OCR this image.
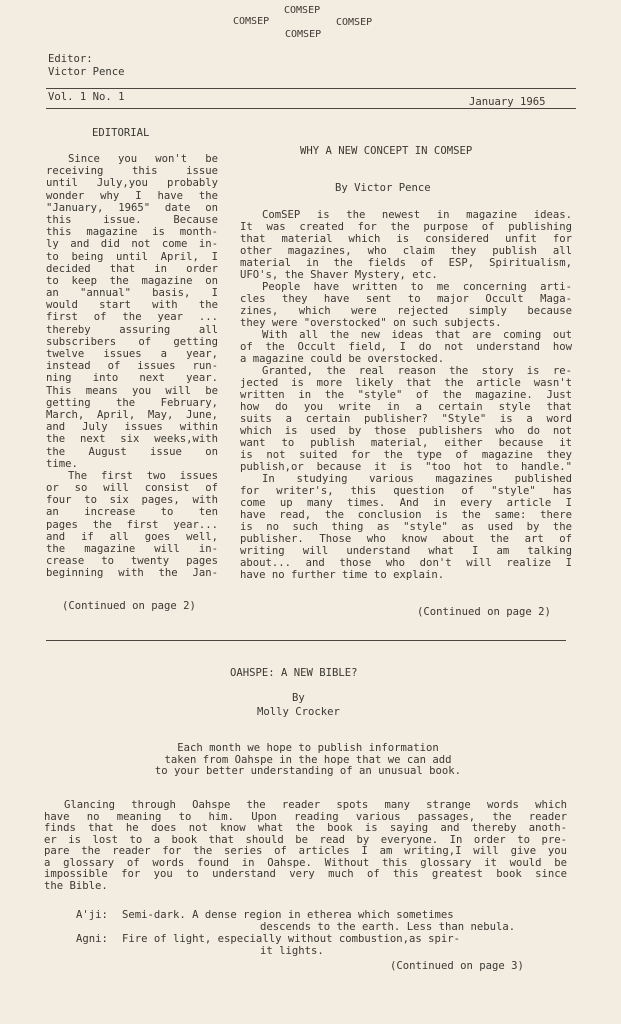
COMSEP
COMSEP	COMSEP
COMSEP
Editor:
Victor Pence
Vol. 1 No. 1	January 1965
EDITORIAL
Since you won't be
receiving this issue
until July,you probably
wonder why I have the
"January, 1965" date on
this issue. Because
this magazine is month-
ly and did not come in-
to being until April, I
decided that in order
to keep the magazine on
an "annual" basis, I
would start with the
first of the year ...
thereby assuring all
subscribers of getting
twelve issues a year,
instead of issues run-
ning into next year.
This means you will be
getting the February,
March, April, May, June,
and July issues within
the next six weeks,with
the August issue on
time.
The first two issues
or so will consist of
four to six pages, with
an increase to ten
pages the first year...
and if all goes well,
the magazine will in-
crease to twenty pages
beginning with the Jan-
(Continued on page 2)
WHY A NEW CONCEPT IN COMSEP
By Victor Pence
ComSEP is the newest in magazine ideas.
It was created for the purpose of publishing
that material which is considered unfit for
other magazines, who claim they publish all
material in the fields of ESP, Spiritualism,
UFO's, the Shaver Mystery, etc.
People have written to me concerning arti-
cles they have sent to major Occult Maga-
zines, which were rejected simply because
they were "overstocked" on such subjects.
With all the new ideas that are coming out
of the Occult field, I do not understand how
a magazine could be overstocked.
Granted, the real reason the story is re-
jected is more likely that the article wasn't
written in the "style" of the magazine. Just
how do you write in a certain style that
suits a certain publisher? "Style" is a word
which is used by those publishers who do not
want to publish material, either because it
is not suited for the type of magazine they
publish,or because it is "too hot to handle."
In studying various magazines published
for writer's, this question of "style" has
come up many times. And in every article I
have read, the conclusion is the same: there
is no such thing as "style" as used by the
publisher. Those who know about the art of
writing will understand what I am talking
about... and those who don't will realize I
have no further time to explain.
(Continued on page 2)
OAHSPE: A NEW BIBLE?
By
Molly Crocker
Each month we hope to publish information
taken from Oahspe in the hope that we can add
to your better understanding of an unusual book.
Glancing through Oahspe the reader spots many strange words which
have no meaning to him. Upon reading various passages, the reader
finds that he does not know what the book is saying and thereby anoth-
er is lost to a book that should be read by everyone. In order to pre-
pare the reader for the series of articles I am writing,I will give you
a glossary of words found in Oahspe. Without this glossary it would be
impossible for you to understand very much of this greatest book since
the Bible.
A'ji: Semi-dark. A dense region in etherea which sometimes
descends to the earth. Less than nebula.
Agni: Fire of light, especially without combustion,as spir-
it lights.
(Continued on page 3)
